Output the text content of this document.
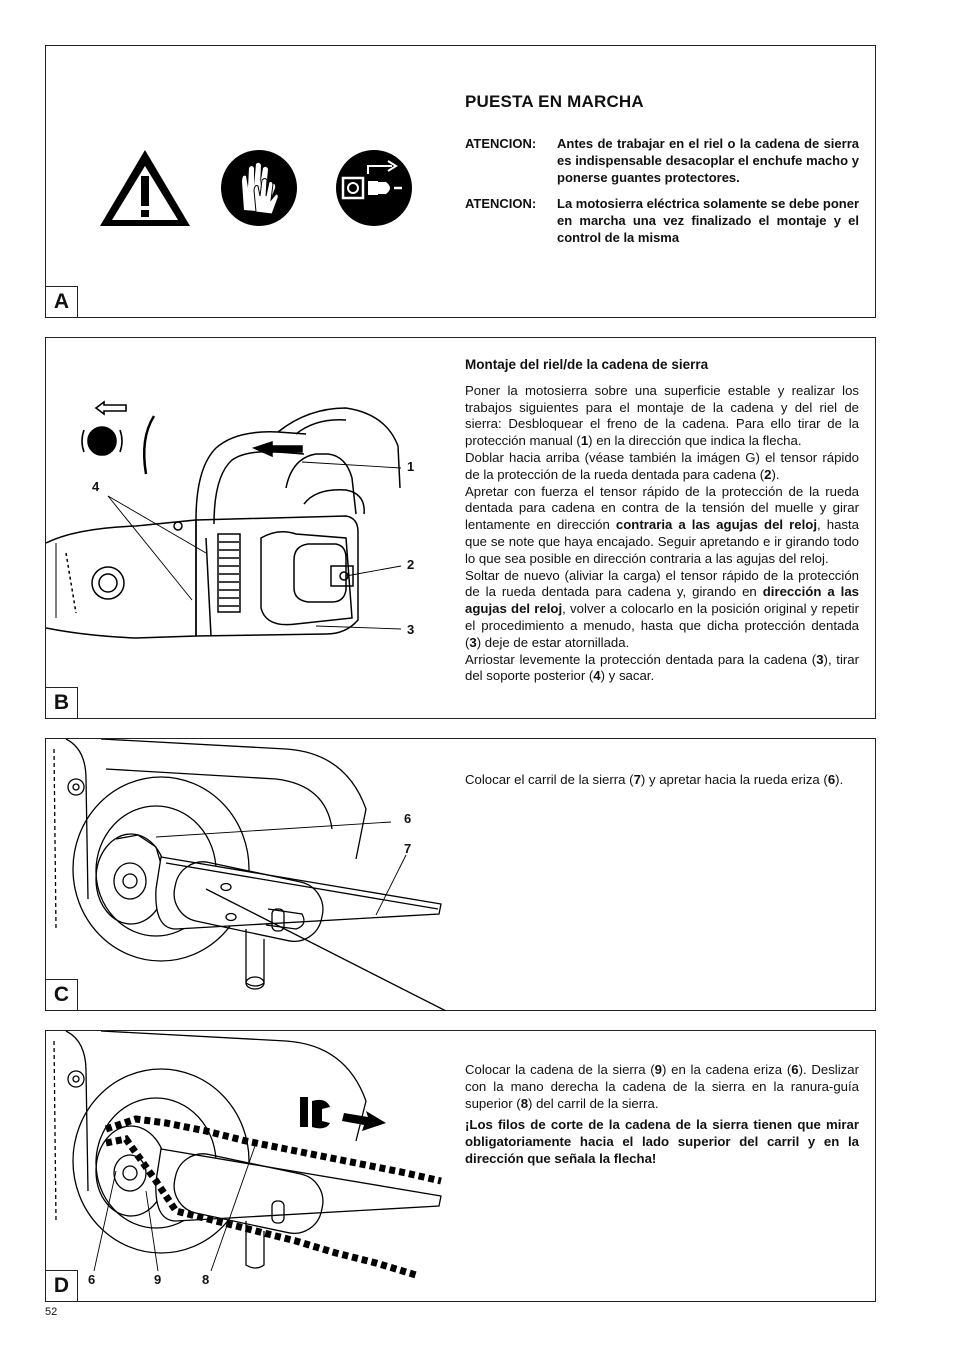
PUESTA EN MARCHA
ATENCION:	Antes de trabajar en el riel o la cadena de sierra es indispensable desacoplar el enchufe macho y ponerse guantes protectores.
ATENCION:	La motosierra eléctrica solamente se debe poner en marcha una vez finalizado el montaje y el control de la misma
A
1
2
3
4
Montaje del riel/de la cadena de sierra

Poner la motosierra sobre una superficie estable y realizar los trabajos siguientes para el montaje de la cadena y del riel de sierra: Desbloquear el freno de la cadena. Para ello tirar de la protección manual (1) en la dirección que indica la flecha.

Doblar hacia arriba (véase también la imágen G) el tensor rápido de la protección de la rueda dentada para cadena (2).

Apretar con fuerza el tensor rápido de la protección de la rueda dentada para cadena en contra de la tensión del muelle y girar lentamente en dirección contraria a las agujas del reloj, hasta que se note que haya encajado. Seguir apretando e ir girando todo lo que sea posible en dirección contraria a las agujas del reloj.

Soltar de nuevo (aliviar la carga) el tensor rápido de la protección de la rueda dentada para cadena y, girando en dirección a las agujas del reloj, volver a colocarlo en la posición original y repetir el procedimiento a menudo, hasta que dicha protección dentada (3) deje de estar atornillada.

Arriostar levemente la protección dentada para la cadena (3), tirar del soporte posterior (4) y sacar.

B
6
7

Colocar el carril de la sierra (7) y apretar hacia la rueda eriza (6).

C
6	9	8

Colocar la cadena de la sierra (9) en la cadena eriza (6). Deslizar con la mano derecha la cadena de la sierra en la ranura-guía superior (8) del carril de la sierra.

¡Los filos de corte de la cadena de la sierra tienen que mirar obligatoriamente hacia el lado superior del carril y en la dirección que señala la flecha!

D
52
